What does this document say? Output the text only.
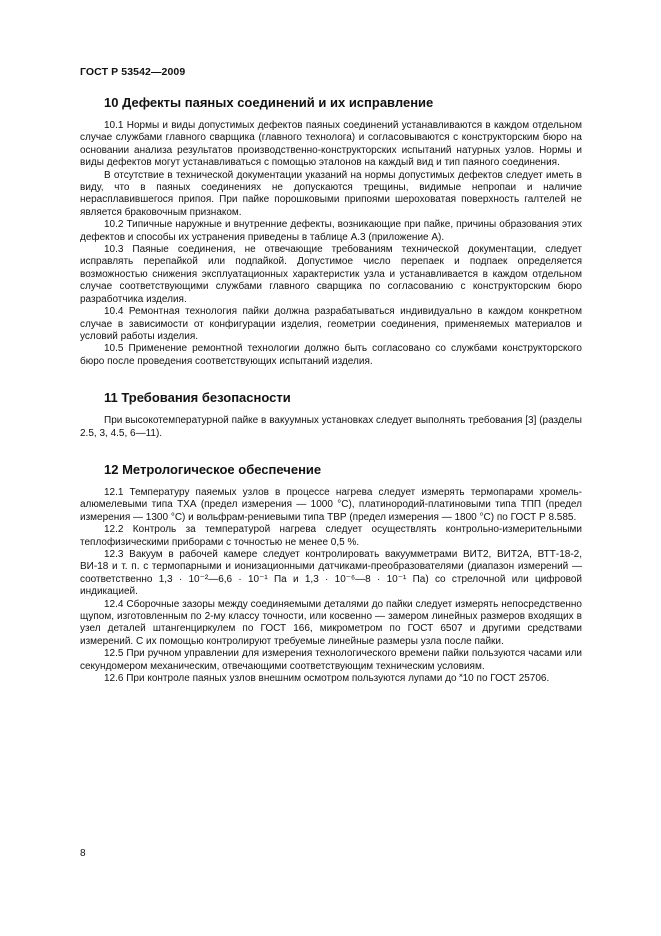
ГОСТ Р 53542—2009
10 Дефекты паяных соединений и их исправление

10.1 Нормы и виды допустимых дефектов паяных соединений устанавливаются в каждом отдельном случае службами главного сварщика (главного технолога) и согласовываются с конструкторским бюро на основании анализа результатов производственно-конструкторских испытаний натурных узлов. Нормы и виды дефектов могут устанавливаться с помощью эталонов на каждый вид и тип паяного соединения.

В отсутствие в технической документации указаний на нормы допустимых дефектов следует иметь в виду, что в паяных соединениях не допускаются трещины, видимые непропаи и наличие нерасплавившегося припоя. При пайке порошковыми припоями шероховатая поверхность галтелей не является браковочным признаком.

10.2 Типичные наружные и внутренние дефекты, возникающие при пайке, причины образования этих дефектов и способы их устранения приведены в таблице А.3 (приложение А).

10.3 Паяные соединения, не отвечающие требованиям технической документации, следует исправлять перепайкой или подпайкой. Допустимое число перепаек и подпаек определяется возможностью снижения эксплуатационных характеристик узла и устанавливается в каждом отдельном случае соответствующими службами главного сварщика по согласованию с конструкторским бюро разработчика изделия.

10.4 Ремонтная технология пайки должна разрабатываться индивидуально в каждом конкретном случае в зависимости от конфигурации изделия, геометрии соединения, применяемых материалов и условий работы изделия.

10.5 Применение ремонтной технологии должно быть согласовано со службами конструкторского бюро после проведения соответствующих испытаний изделия.

11 Требования безопасности

При высокотемпературной пайке в вакуумных установках следует выполнять требования [3] (разделы 2.5, 3, 4.5, 6—11).

12 Метрологическое обеспечение

12.1 Температуру паяемых узлов в процессе нагрева следует измерять термопарами хромель-алюмелевыми типа ТХА (предел измерения — 1000 °С), платинородий-платиновыми типа ТПП (предел измерения — 1300 °С) и вольфрам-рениевыми типа ТВР (предел измерения — 1800 °С) по ГОСТ Р 8.585.

12.2 Контроль за температурой нагрева следует осуществлять контрольно-измерительными теплофизическими приборами с точностью не менее 0,5 %.

12.3 Вакуум в рабочей камере следует контролировать вакуумметрами ВИТ2, ВИТ2А, ВТТ-18-2, ВИ-18 и т. п. с термопарными и ионизационными датчиками-преобразователями (диапазон измерений — соответственно 1,3 · 10⁻²—6,6 · 10⁻¹ Па и 1,3 · 10⁻⁶—8 · 10⁻¹ Па) со стрелочной или цифровой индикацией.

12.4 Сборочные зазоры между соединяемыми деталями до пайки следует измерять непосредственно щупом, изготовленным по 2-му классу точности, или косвенно — замером линейных размеров входящих в узел деталей штангенциркулем по ГОСТ 166, микрометром по ГОСТ 6507 и другими средствами измерений. С их помощью контролируют требуемые линейные размеры узла после пайки.

12.5 При ручном управлении для измерения технологического времени пайки пользуются часами или секундомером механическим, отвечающими соответствующим техническим условиям.

12.6 При контроле паяных узлов внешним осмотром пользуются лупами до ˟10 по ГОСТ 25706.

8
